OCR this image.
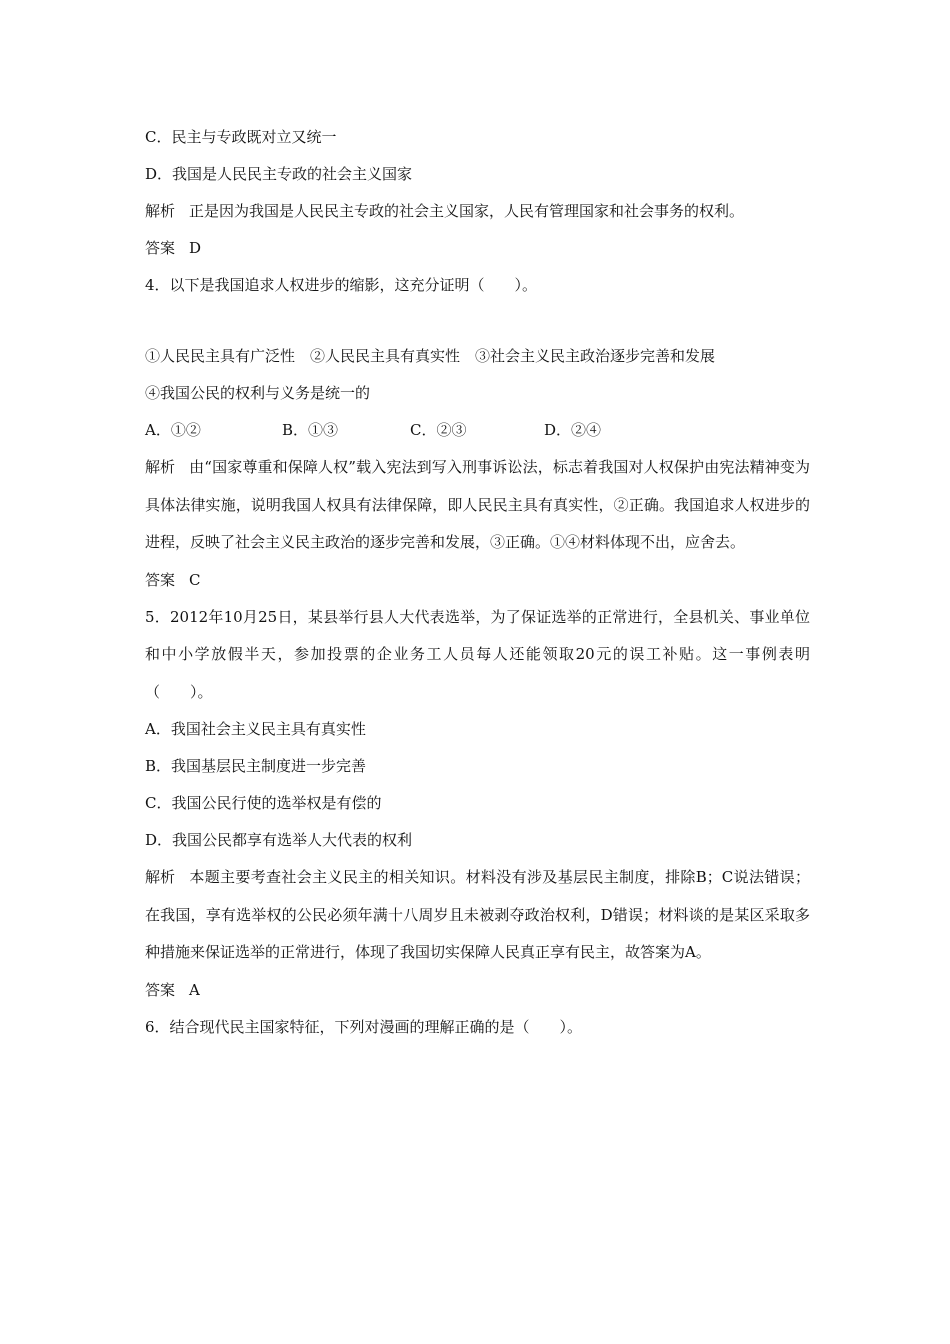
C．民主与专政既对立又统一
D．我国是人民民主专政的社会主义国家
解析 正是因为我国是人民民主专政的社会主义国家，人民有管理国家和社会事务的权利。
答案 D
4．以下是我国追求人权进步的缩影，这充分证明（　　）。
①人民民主具有广泛性　②人民民主具有真实性　③社会主义民主政治逐步完善和发展
④我国公民的权利与义务是统一的
A．①②	B．①③	C．②③	D．②④
解析 由“国家尊重和保障人权”载入宪法到写入刑事诉讼法，标志着我国对人权保护由宪法精神变为具体法律实施，说明我国人权具有法律保障，即人民民主具有真实性，②正确。我国追求人权进步的进程，反映了社会主义民主政治的逐步完善和发展，③正确。①④材料体现不出，应舍去。
答案 C
5．2012年10月25日，某县举行县人大代表选举，为了保证选举的正常进行，全县机关、事业单位和中小学放假半天，参加投票的企业务工人员每人还能领取20元的误工补贴。这一事例表明（　　）。
A．我国社会主义民主具有真实性
B．我国基层民主制度进一步完善
C．我国公民行使的选举权是有偿的
D．我国公民都享有选举人大代表的权利
解析 本题主要考查社会主义民主的相关知识。材料没有涉及基层民主制度，排除B；C说法错误；在我国，享有选举权的公民必须年满十八周岁且未被剥夺政治权利，D错误；材料谈的是某区采取多种措施来保证选举的正常进行，体现了我国切实保障人民真正享有民主，故答案为A。
答案 A
6．结合现代民主国家特征，下列对漫画的理解正确的是（　　）。
